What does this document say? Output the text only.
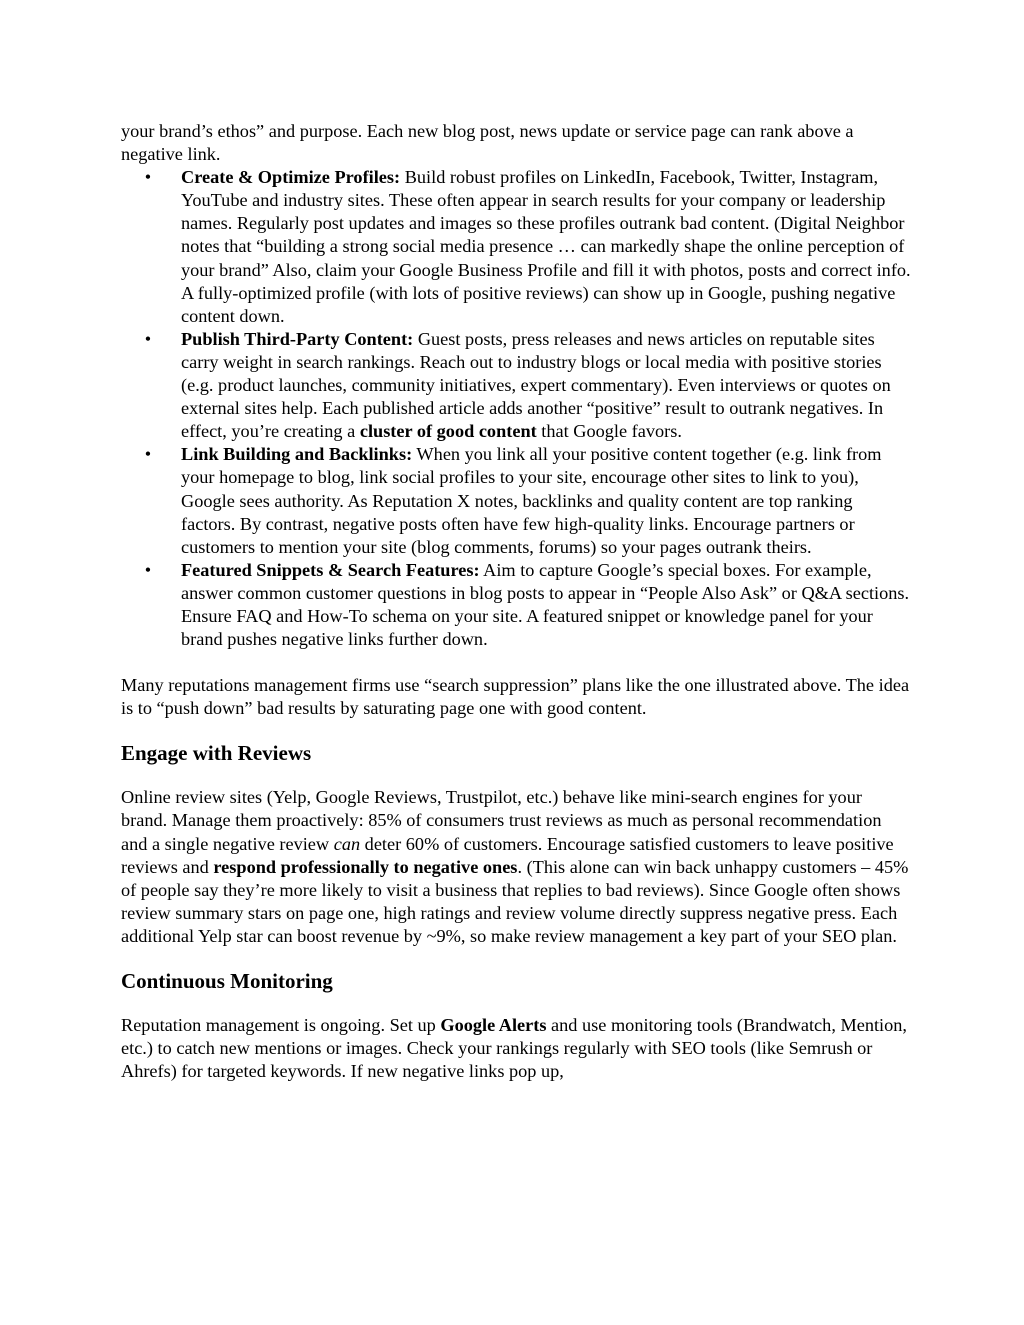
your brand’s ethos” and purpose. Each new blog post, news update or service page can rank above a negative link.

• Create & Optimize Profiles: Build robust profiles on LinkedIn, Facebook, Twitter, Instagram, YouTube and industry sites. These often appear in search results for your company or leadership names. Regularly post updates and images so these profiles outrank bad content. (Digital Neighbor notes that “building a strong social media presence … can markedly shape the online perception of your brand” Also, claim your Google Business Profile and fill it with photos, posts and correct info. A fully-optimized profile (with lots of positive reviews) can show up in Google, pushing negative content down.
• Publish Third-Party Content: Guest posts, press releases and news articles on reputable sites carry weight in search rankings. Reach out to industry blogs or local media with positive stories (e.g. product launches, community initiatives, expert commentary). Even interviews or quotes on external sites help. Each published article adds another “positive” result to outrank negatives. In effect, you’re creating a cluster of good content that Google favors.
• Link Building and Backlinks: When you link all your positive content together (e.g. link from your homepage to blog, link social profiles to your site, encourage other sites to link to you), Google sees authority. As Reputation X notes, backlinks and quality content are top ranking factors. By contrast, negative posts often have few high-quality links. Encourage partners or customers to mention your site (blog comments, forums) so your pages outrank theirs.
• Featured Snippets & Search Features: Aim to capture Google’s special boxes. For example, answer common customer questions in blog posts to appear in “People Also Ask” or Q&A sections. Ensure FAQ and How-To schema on your site. A featured snippet or knowledge panel for your brand pushes negative links further down.

Many reputations management firms use “search suppression” plans like the one illustrated above. The idea is to “push down” bad results by saturating page one with good content.

Engage with Reviews

Online review sites (Yelp, Google Reviews, Trustpilot, etc.) behave like mini-search engines for your brand. Manage them proactively: 85% of consumers trust reviews as much as personal recommendation and a single negative review can deter 60% of customers. Encourage satisfied customers to leave positive reviews and respond professionally to negative ones. (This alone can win back unhappy customers – 45% of people say they’re more likely to visit a business that replies to bad reviews). Since Google often shows review summary stars on page one, high ratings and review volume directly suppress negative press. Each additional Yelp star can boost revenue by ~9%, so make review management a key part of your SEO plan.

Continuous Monitoring

Reputation management is ongoing. Set up Google Alerts and use monitoring tools (Brandwatch, Mention, etc.) to catch new mentions or images. Check your rankings regularly with SEO tools (like Semrush or Ahrefs) for targeted keywords. If new negative links pop up,
